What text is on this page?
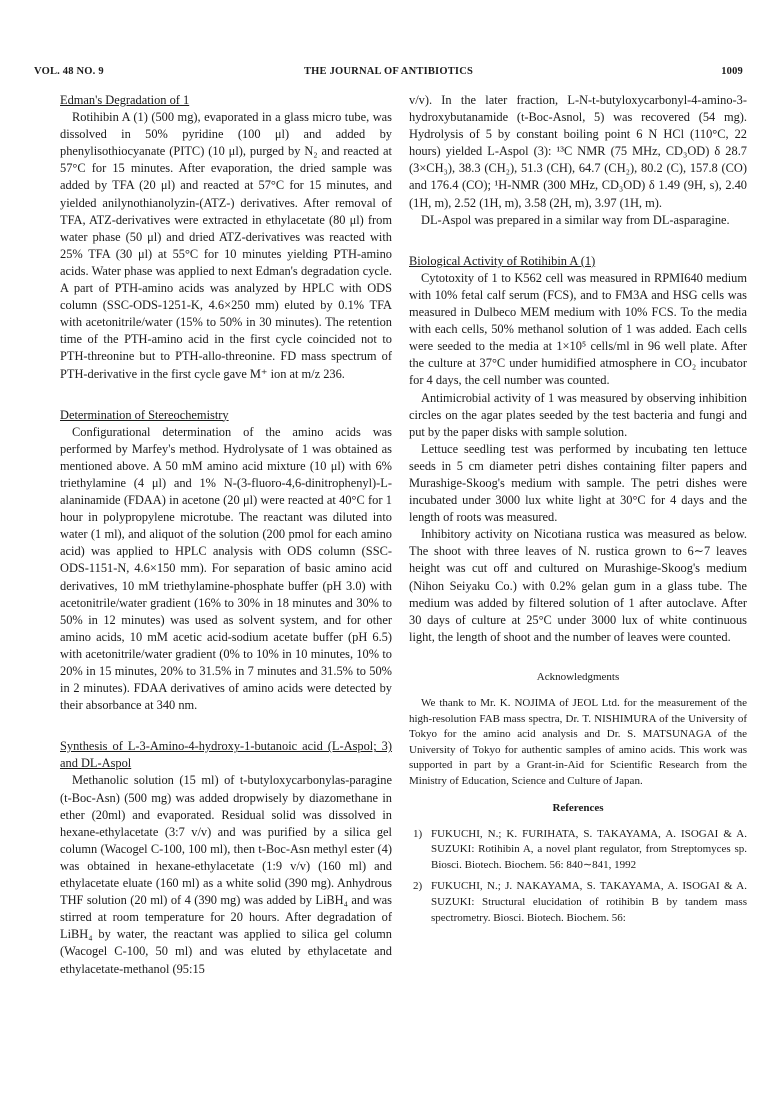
VOL. 48 NO. 9	THE JOURNAL OF ANTIBIOTICS	1009

Edman's Degradation of 1

Rotihibin A (1) (500 mg), evaporated in a glass micro tube, was dissolved in 50% pyridine (100 μl) and added by phenylisothiocyanate (PITC) (10 μl), purged by N₂ and reacted at 57°C for 15 minutes. After evaporation, the dried sample was added by TFA (20 μl) and reacted at 57°C for 15 minutes, and yielded anilynothianolyzin-(ATZ-) derivatives. After removal of TFA, ATZ-derivatives were extracted in ethylacetate (80 μl) from water phase (50 μl) and dried ATZ-derivatives was reacted with 25% TFA (30 μl) at 55°C for 10 minutes yielding PTH-amino acids. Water phase was applied to next Edman's degradation cycle. A part of PTH-amino acids was analyzed by HPLC with ODS column (SSC-ODS-1251-K, 4.6×250 mm) eluted by 0.1% TFA with acetonitrile/water (15% to 50% in 30 minutes). The retention time of the PTH-amino acid in the first cycle coincided not to PTH-threonine but to PTH-allo-threonine. FD mass spectrum of PTH-derivative in the first cycle gave M⁺ ion at m/z 236.

Determination of Stereochemistry

Configurational determination of the amino acids was performed by Marfey's method. Hydrolysate of 1 was obtained as mentioned above. A 50 mM amino acid mixture (10 μl) with 6% triethylamine (4 μl) and 1% N-(3-fluoro-4,6-dinitrophenyl)-L-alaninamide (FDAA) in acetone (20 μl) were reacted at 40°C for 1 hour in polypropylene microtube. The reactant was diluted into water (1 ml), and aliquot of the solution (200 pmol for each amino acid) was applied to HPLC analysis with ODS column (SSC-ODS-1151-N, 4.6×150 mm). For separation of basic amino acid derivatives, 10 mM triethylamine-phosphate buffer (pH 3.0) with acetonitrile/water gradient (16% to 30% in 18 minutes and 30% to 50% in 12 minutes) was used as solvent system, and for other amino acids, 10 mM acetic acid-sodium acetate buffer (pH 6.5) with acetonitrile/water gradient (0% to 10% in 10 minutes, 10% to 20% in 15 minutes, 20% to 31.5% in 7 minutes and 31.5% to 50% in 2 minutes). FDAA derivatives of amino acids were detected by their absorbance at 340 nm.

Synthesis of L-3-Amino-4-hydroxy-1-butanoic acid (L-Aspol; 3) and DL-Aspol

Methanolic solution (15 ml) of t-butyloxycarbonylas-paragine (t-Boc-Asn) (500 mg) was added dropwisely by diazomethane in ether (20ml) and evaporated. Residual solid was dissolved in hexane-ethylacetate (3:7 v/v) and was purified by a silica gel column (Wacogel C-100, 100 ml), then t-Boc-Asn methyl ester (4) was obtained in hexane-ethylacetate (1:9 v/v) (160 ml) and ethylacetate eluate (160 ml) as a white solid (390 mg). Anhydrous THF solution (20 ml) of 4 (390 mg) was added by LiBH₄ and was stirred at room temperature for 20 hours. After degradation of LiBH₄ by water, the reactant was applied to silica gel column (Wacogel C-100, 50 ml) and was eluted by ethylacetate and ethylacetate-methanol (95:15

v/v). In the later fraction, L-N-t-butyloxycarbonyl-4-amino-3-hydroxybutanamide (t-Boc-Asnol, 5) was recovered (54 mg). Hydrolysis of 5 by constant boiling point 6 N HCl (110°C, 22 hours) yielded L-Aspol (3): ¹³C NMR (75 MHz, CD₃OD) δ 28.7 (3×CH₃), 38.3 (CH₂), 51.3 (CH), 64.7 (CH₂), 80.2 (C), 157.8 (CO) and 176.4 (CO); ¹H-NMR (300 MHz, CD₃OD) δ 1.49 (9H, s), 2.40 (1H, m), 2.52 (1H, m), 3.58 (2H, m), 3.97 (1H, m).

DL-Aspol was prepared in a similar way from DL-asparagine.

Biological Activity of Rotihibin A (1)

Cytotoxity of 1 to K562 cell was measured in RPMI640 medium with 10% fetal calf serum (FCS), and to FM3A and HSG cells was measured in Dulbeco MEM medium with 10% FCS. To the media with each cells, 50% methanol solution of 1 was added. Each cells were seeded to the media at 1×10⁵ cells/ml in 96 well plate. After the culture at 37°C under humidified atmosphere in CO₂ incubator for 4 days, the cell number was counted.

Antimicrobial activity of 1 was measured by observing inhibition circles on the agar plates seeded by the test bacteria and fungi and put by the paper disks with sample solution.

Lettuce seedling test was performed by incubating ten lettuce seeds in 5 cm diameter petri dishes containing filter papers and Murashige-Skoog's medium with sample. The petri dishes were incubated under 3000 lux white light at 30°C for 4 days and the length of roots was measured.

Inhibitory activity on Nicotiana rustica was measured as below. The shoot with three leaves of N. rustica grown to 6∼7 leaves height was cut off and cultured on Murashige-Skoog's medium (Nihon Seiyaku Co.) with 0.2% gelan gum in a glass tube. The medium was added by filtered solution of 1 after autoclave. After 30 days of culture at 25°C under 3000 lux of white continuous light, the length of shoot and the number of leaves were counted.

Acknowledgments

We thank to Mr. K. NOJIMA of JEOL Ltd. for the measurement of the high-resolution FAB mass spectra, Dr. T. NISHIMURA of the University of Tokyo for the amino acid analysis and Dr. S. MATSUNAGA of the University of Tokyo for authentic samples of amino acids. This work was supported in part by a Grant-in-Aid for Scientific Research from the Ministry of Education, Science and Culture of Japan.

References

1) FUKUCHI, N.; K. FURIHATA, S. TAKAYAMA, A. ISOGAI & A. SUZUKI: Rotihibin A, a novel plant regulator, from Streptomyces sp. Biosci. Biotech. Biochem. 56: 840∼841, 1992
2) FUKUCHI, N.; J. NAKAYAMA, S. TAKAYAMA, A. ISOGAI & A. SUZUKI: Structural elucidation of rotihibin B by tandem mass spectrometry. Biosci. Biotech. Biochem. 56:
